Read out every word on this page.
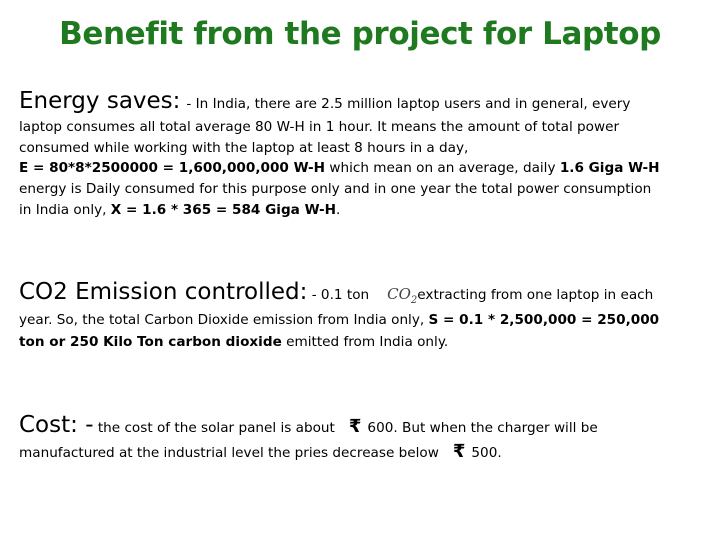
Benefit from the project for Laptop
Energy saves: - In India, there are 2.5 million laptop users and in general, every
laptop consumes all total average 80 W-H in 1 hour. It means the amount of total power
consumed while working with the laptop at least 8 hours in a day,
E = 80*8*2500000 = 1,600,000,000 W-H which mean on an average, daily 1.6 Giga W-H
energy is Daily consumed for this purpose only and in one year the total power consumption
in India only, X = 1.6 * 365 = 584 Giga W-H.
CO2 Emission controlled: - 0.1 ton $CO_2extracting$ from one laptop in each
year. So, the total Carbon Dioxide emission from India only, S = 0.1 * 2,500,000 = 250,000
ton or 250 Kilo Ton carbon dioxide emitted from India only.
Cost: - the cost of the solar panel is about ₹ 600. But when the charger will be
manufactured at the industrial level the pries decrease below ₹ 500.
